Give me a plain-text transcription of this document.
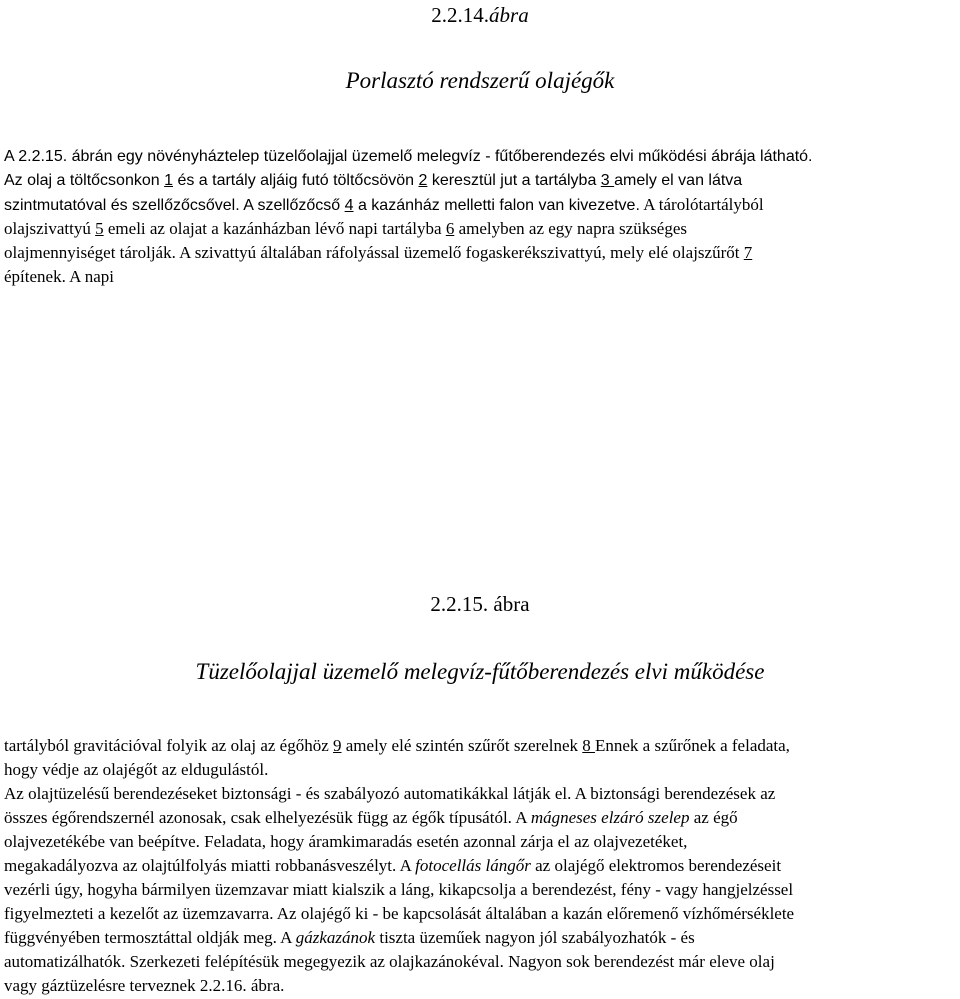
2.2.14.ábra
Porlasztó rendszerű olajégők
A 2.2.15. ábrán egy növényháztelep tüzelőolajjal üzemelő melegvíz - fűtőberendezés elvi működési ábrája látható.
Az olaj a töltőcsonkon 1 és a tartály aljáig futó töltőcsövön 2 keresztül jut a tartályba 3 amely el van látva
szintmutatóval és szellőzőcsővel. A szellőzőcső 4 a kazánház melletti falon van kivezetve. A tárolótartályból
olajszivattyú 5 emeli az olajat a kazánházban lévő napi tartályba 6 amelyben az egy napra szükséges
olajmennyiséget tárolják. A szivattyú általában ráfolyással üzemelő fogaskerékszivattyú, mely elé olajszűrőt 7
építenek. A napi
2.2.15. ábra
Tüzelőolajjal üzemelő melegvíz-fűtőberendezés elvi működése
tartályból gravitációval folyik az olaj az égőhöz 9 amely elé szintén szűrőt szerelnek 8 Ennek a szűrőnek a feladata,
hogy védje az olajégőt az eldugulástól.
Az olajtüzelésű berendezéseket biztonsági - és szabályozó automatikákkal látják el. A biztonsági berendezések az
összes égőrendszernél azonosak, csak elhelyezésük függ az égők típusától. A mágneses elzáró szelep az égő
olajvezetékébe van beépítve. Feladata, hogy áramkimaradás esetén azonnal zárja el az olajvezetéket,
megakadályozva az olajtúlfolyás miatti robbanásveszélyt. A fotocellás lángőr az olajégő elektromos berendezéseit
vezérli úgy, hogyha bármilyen üzemzavar miatt kialszik a láng, kikapcsolja a berendezést, fény - vagy hangjelzéssel
figyelmezteti a kezelőt az üzemzavarra. Az olajégő ki - be kapcsolását általában a kazán előremenő vízhőmérséklete
függvényében termosztáttal oldják meg. A gázkazánok tiszta üzeműek nagyon jól szabályozhatók - és
automatizálhatók. Szerkezeti felépítésük megegyezik az olajkazánokéval. Nagyon sok berendezést már eleve olaj
vagy gáztüzelésre terveznek 2.2.16. ábra.
